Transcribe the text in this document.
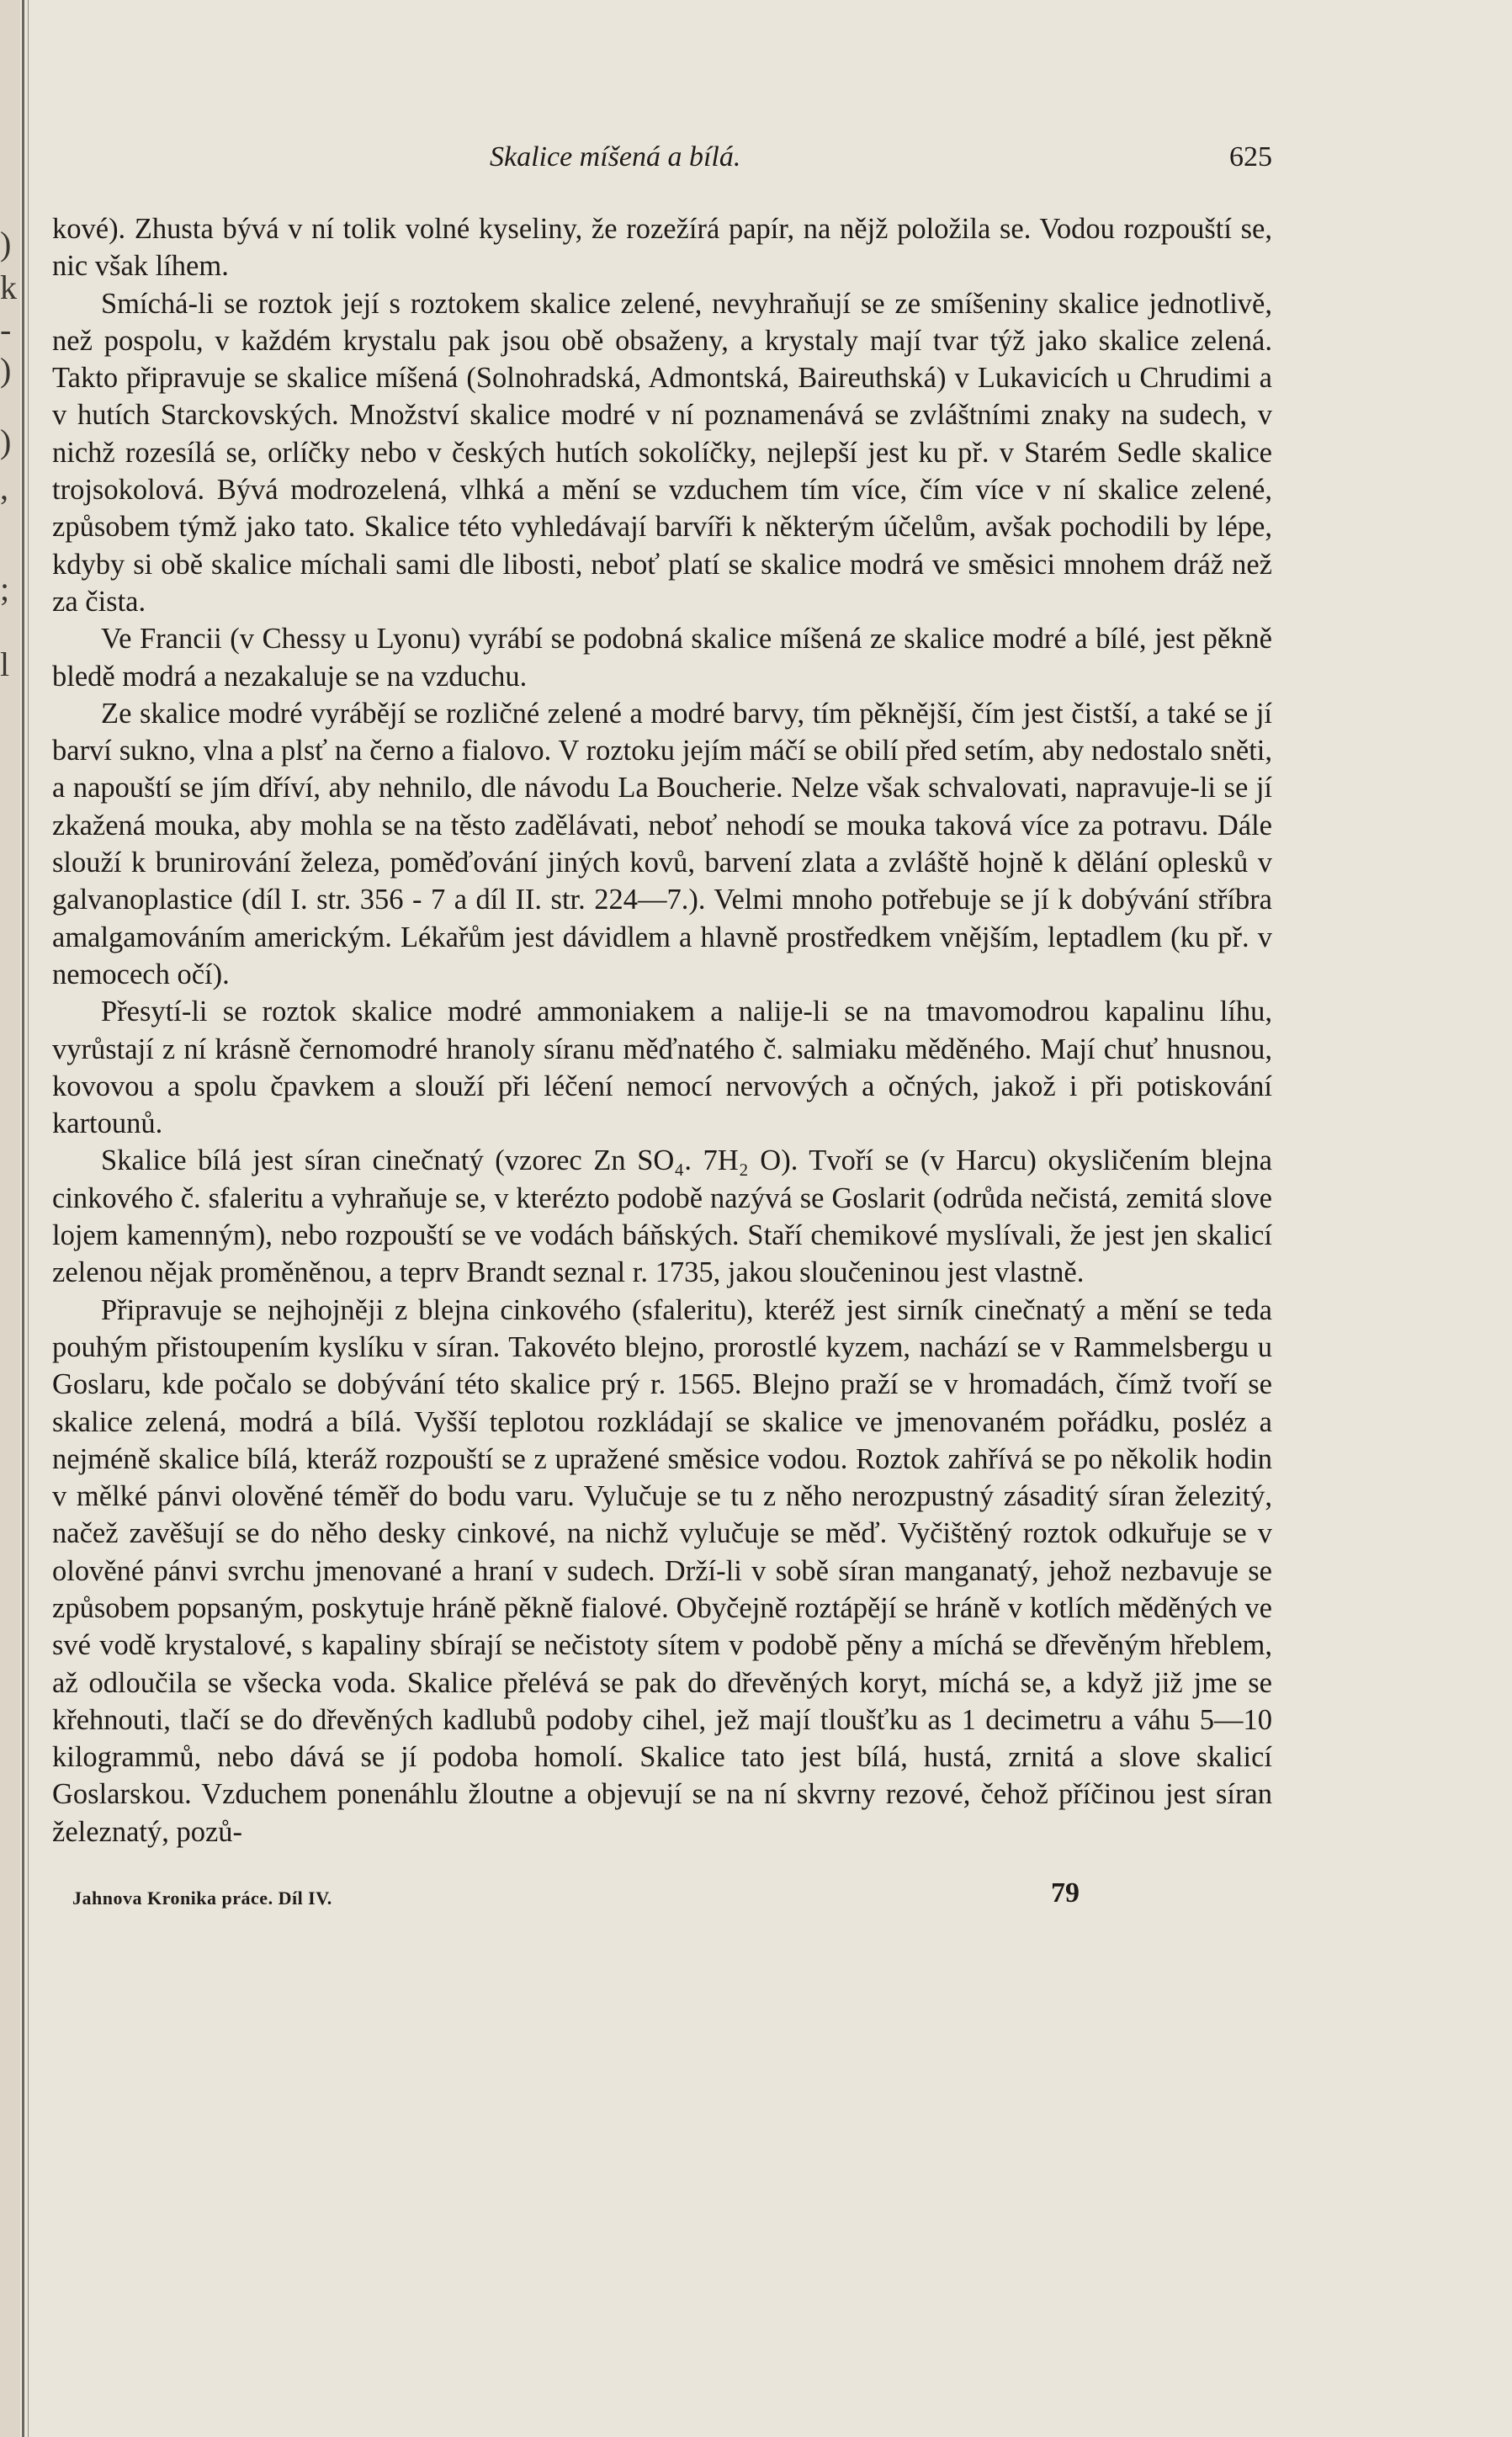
)
k
-
)
)
,
;
l
Skalice míšená a bílá.	625

kové). Zhusta bývá v ní tolik volné kyseliny, že rozežírá papír, na nějž položila se. Vodou rozpouští se, nic však líhem.

Smíchá-li se roztok její s roztokem skalice zelené, nevyhraňují se ze smíšeniny skalice jednotlivě, než pospolu, v každém krystalu pak jsou obě obsaženy, a krystaly mají tvar týž jako skalice zelená. Takto připravuje se skalice míšená (Solnohradská, Admontská, Baireuthská) v Lukavicích u Chrudimi a v hutích Starckovských. Množství skalice modré v ní poznamenává se zvláštními znaky na sudech, v nichž rozesílá se, orlíčky nebo v českých hutích sokolíčky, nejlepší jest ku př. v Starém Sedle skalice trojsokolová. Bývá modrozelená, vlhká a mění se vzduchem tím více, čím více v ní skalice zelené, způsobem týmž jako tato. Skalice této vyhledávají barvíři k některým účelům, avšak pochodili by lépe, kdyby si obě skalice míchali sami dle libosti, neboť platí se skalice modrá ve směsici mnohem dráž než za čista.

Ve Francii (v Chessy u Lyonu) vyrábí se podobná skalice míšená ze skalice modré a bílé, jest pěkně bledě modrá a nezakaluje se na vzduchu.

Ze skalice modré vyrábějí se rozličné zelené a modré barvy, tím pěknější, čím jest čistší, a také se jí barví sukno, vlna a plsť na černo a fialovo. V roztoku jejím máčí se obilí před setím, aby nedostalo sněti, a napouští se jím dříví, aby nehnilo, dle návodu La Boucherie. Nelze však schvalovati, napravuje-li se jí zkažená mouka, aby mohla se na těsto zadělávati, neboť nehodí se mouka taková více za potravu. Dále slouží k brunirování železa, poměďování jiných kovů, barvení zlata a zvláště hojně k dělání oplesků v galvanoplastice (díl I. str. 356 - 7 a díl II. str. 224—7.). Velmi mnoho potřebuje se jí k dobývání stříbra amalgamováním americkým. Lékařům jest dávidlem a hlavně prostředkem vnějším, leptadlem (ku př. v nemocech očí).

Přesytí-li se roztok skalice modré ammoniakem a nalije-li se na tmavomodrou kapalinu líhu, vyrůstají z ní krásně černomodré hranoly síranu měďnatého č. salmiaku měděného. Mají chuť hnusnou, kovovou a spolu čpavkem a slouží při léčení nemocí nervových a očných, jakož i při potiskování kartounů.

Skalice bílá jest síran cinečnatý (vzorec Zn SO₄. 7H₂ O). Tvoří se (v Harcu) okysličením blejna cinkového č. sfaleritu a vyhraňuje se, v kterézto podobě nazývá se Goslarit (odrůda nečistá, zemitá slove lojem kamenným), nebo rozpouští se ve vodách báňských. Staří chemikové myslívali, že jest jen skalicí zelenou nějak proměněnou, a teprv Brandt seznal r. 1735, jakou sloučeninou jest vlastně.

Připravuje se nejhojněji z blejna cinkového (sfaleritu), kteréž jest sirník cinečnatý a mění se teda pouhým přistoupením kyslíku v síran. Takovéto blejno, prorostlé kyzem, nachází se v Rammelsbergu u Goslaru, kde počalo se dobývání této skalice prý r. 1565. Blejno praží se v hromadách, čímž tvoří se skalice zelená, modrá a bílá. Vyšší teplotou rozkládají se skalice ve jmenovaném pořádku, posléz a nejméně skalice bílá, kteráž rozpouští se z upražené směsice vodou. Roztok zahřívá se po několik hodin v mělké pánvi olověné téměř do bodu varu. Vylučuje se tu z něho nerozpustný zásaditý síran železitý, načež zavěšují se do něho desky cinkové, na nichž vylučuje se měď. Vyčištěný roztok odkuřuje se v olověné pánvi svrchu jmenované a hraní v sudech. Drží-li v sobě síran manganatý, jehož nezbavuje se způsobem popsaným, poskytuje hráně pěkně fialové. Obyčejně roztápějí se hráně v kotlích měděných ve své vodě krystalové, s kapaliny sbírají se nečistoty sítem v podobě pěny a míchá se dřevěným hřeblem, až odloučila se všecka voda. Skalice přelévá se pak do dřevěných koryt, míchá se, a když již jme se křehnouti, tlačí se do dřevěných kadlubů podoby cihel, jež mají tloušťku as 1 decimetru a váhu 5—10 kilogrammů, nebo dává se jí podoba homolí. Skalice tato jest bílá, hustá, zrnitá a slove skalicí Goslarskou. Vzduchem ponenáhlu žloutne a objevují se na ní skvrny rezové, čehož příčinou jest síran železnatý, pozů-

Jahnova Kronika práce. Díl IV.	79
